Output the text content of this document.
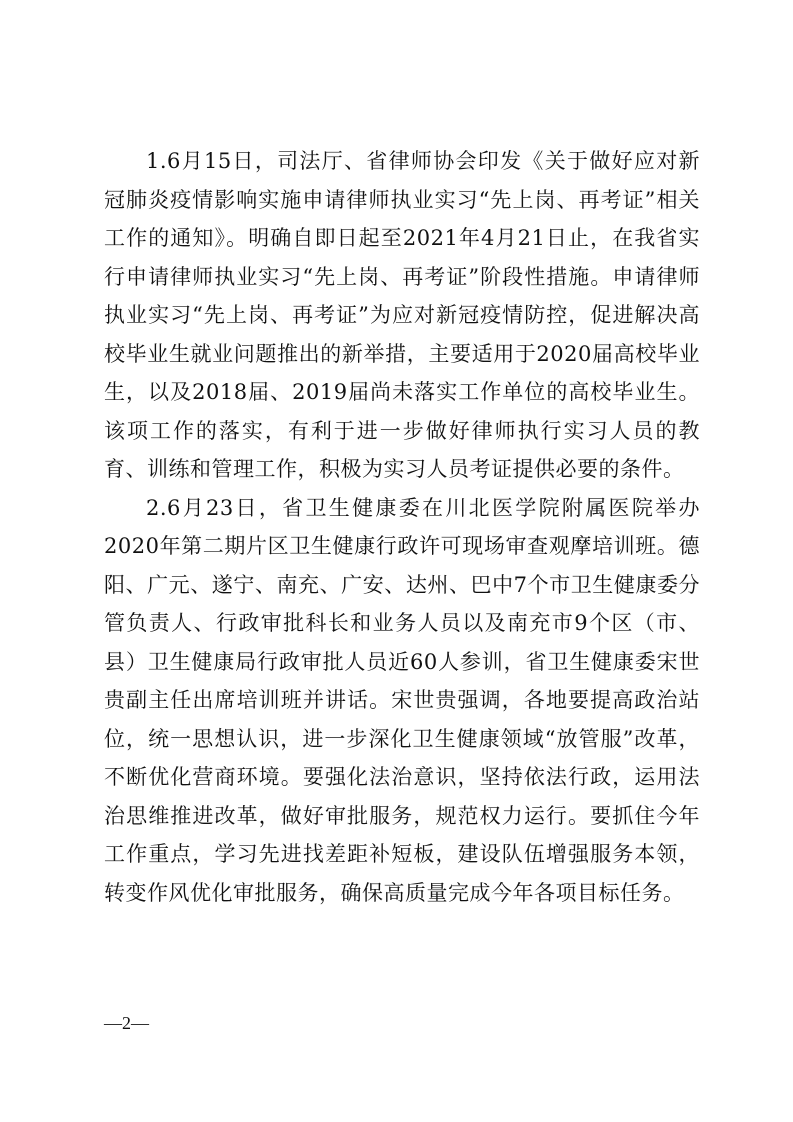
1.6月15日，司法厅、省律师协会印发《关于做好应对新冠肺炎疫情影响实施申请律师执业实习“先上岗、再考证”相关工作的通知》。明确自即日起至2021年4月21日止，在我省实行申请律师执业实习“先上岗、再考证”阶段性措施。申请律师执业实习“先上岗、再考证”为应对新冠疫情防控，促进解决高校毕业生就业问题推出的新举措，主要适用于2020届高校毕业生，以及2018届、2019届尚未落实工作单位的高校毕业生。该项工作的落实，有利于进一步做好律师执行实习人员的教育、训练和管理工作，积极为实习人员考证提供必要的条件。

2.6月23日，省卫生健康委在川北医学院附属医院举办2020年第二期片区卫生健康行政许可现场审查观摩培训班。德阳、广元、遂宁、南充、广安、达州、巴中7个市卫生健康委分管负责人、行政审批科长和业务人员以及南充市9个区（市、县）卫生健康局行政审批人员近60人参训，省卫生健康委宋世贵副主任出席培训班并讲话。宋世贵强调，各地要提高政治站位，统一思想认识，进一步深化卫生健康领域“放管服”改革，不断优化营商环境。要强化法治意识，坚持依法行政，运用法治思维推进改革，做好审批服务，规范权力运行。要抓住今年工作重点，学习先进找差距补短板，建设队伍增强服务本领，转变作风优化审批服务，确保高质量完成今年各项目标任务。

—2—
